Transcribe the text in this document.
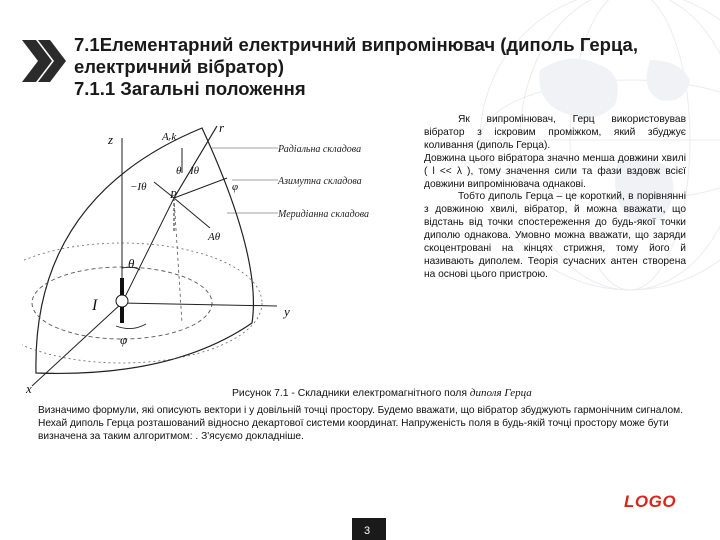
7.1Елементарний електричний випромінювач (диполь Герца,
електричний вібратор)
7.1.1 Загальні положення
z
y
x
I
r
θ
φ
P
Aᵣk
Iθ
−Iθ
θ
φ
Aθ
Радіальна складова
Азимутна складова
Меридіанна складова

Як випромінювач, Герц використовував вібратор з іскровим проміжком, який збуджує коливання (диполь Герца).

Довжина цього вібратора значно менша довжини хвилі ( l << λ ), тому значення сили та фази вздовж всієї довжини випромінювача однакові.

Тобто диполь Герца – це короткий, в порівнянні з довжиною хвилі, вібратор, й можна вважати, що відстань від точки спостереження до будь-якої точки диполю однакова. Умовно можна вважати, що заряди скоцентровані на кінцях стрижня, тому його й називають диполем. Теорія сучасних антен створена на основі цього пристрою.

Рисунок 7.1 - Складники електромагнітного поля диполя Герца
Визначимо формули, які описують вектори і у довільній точці простору. Будемо вважати, що вібратор збуджують гармонічним сигналом. Нехай диполь Герца розташований відносно декартової системи координат. Напруженість поля в будь-якій точці простору може бути визначена за таким алгоритмом: . З'ясуємо докладніше.
LOGO
3
